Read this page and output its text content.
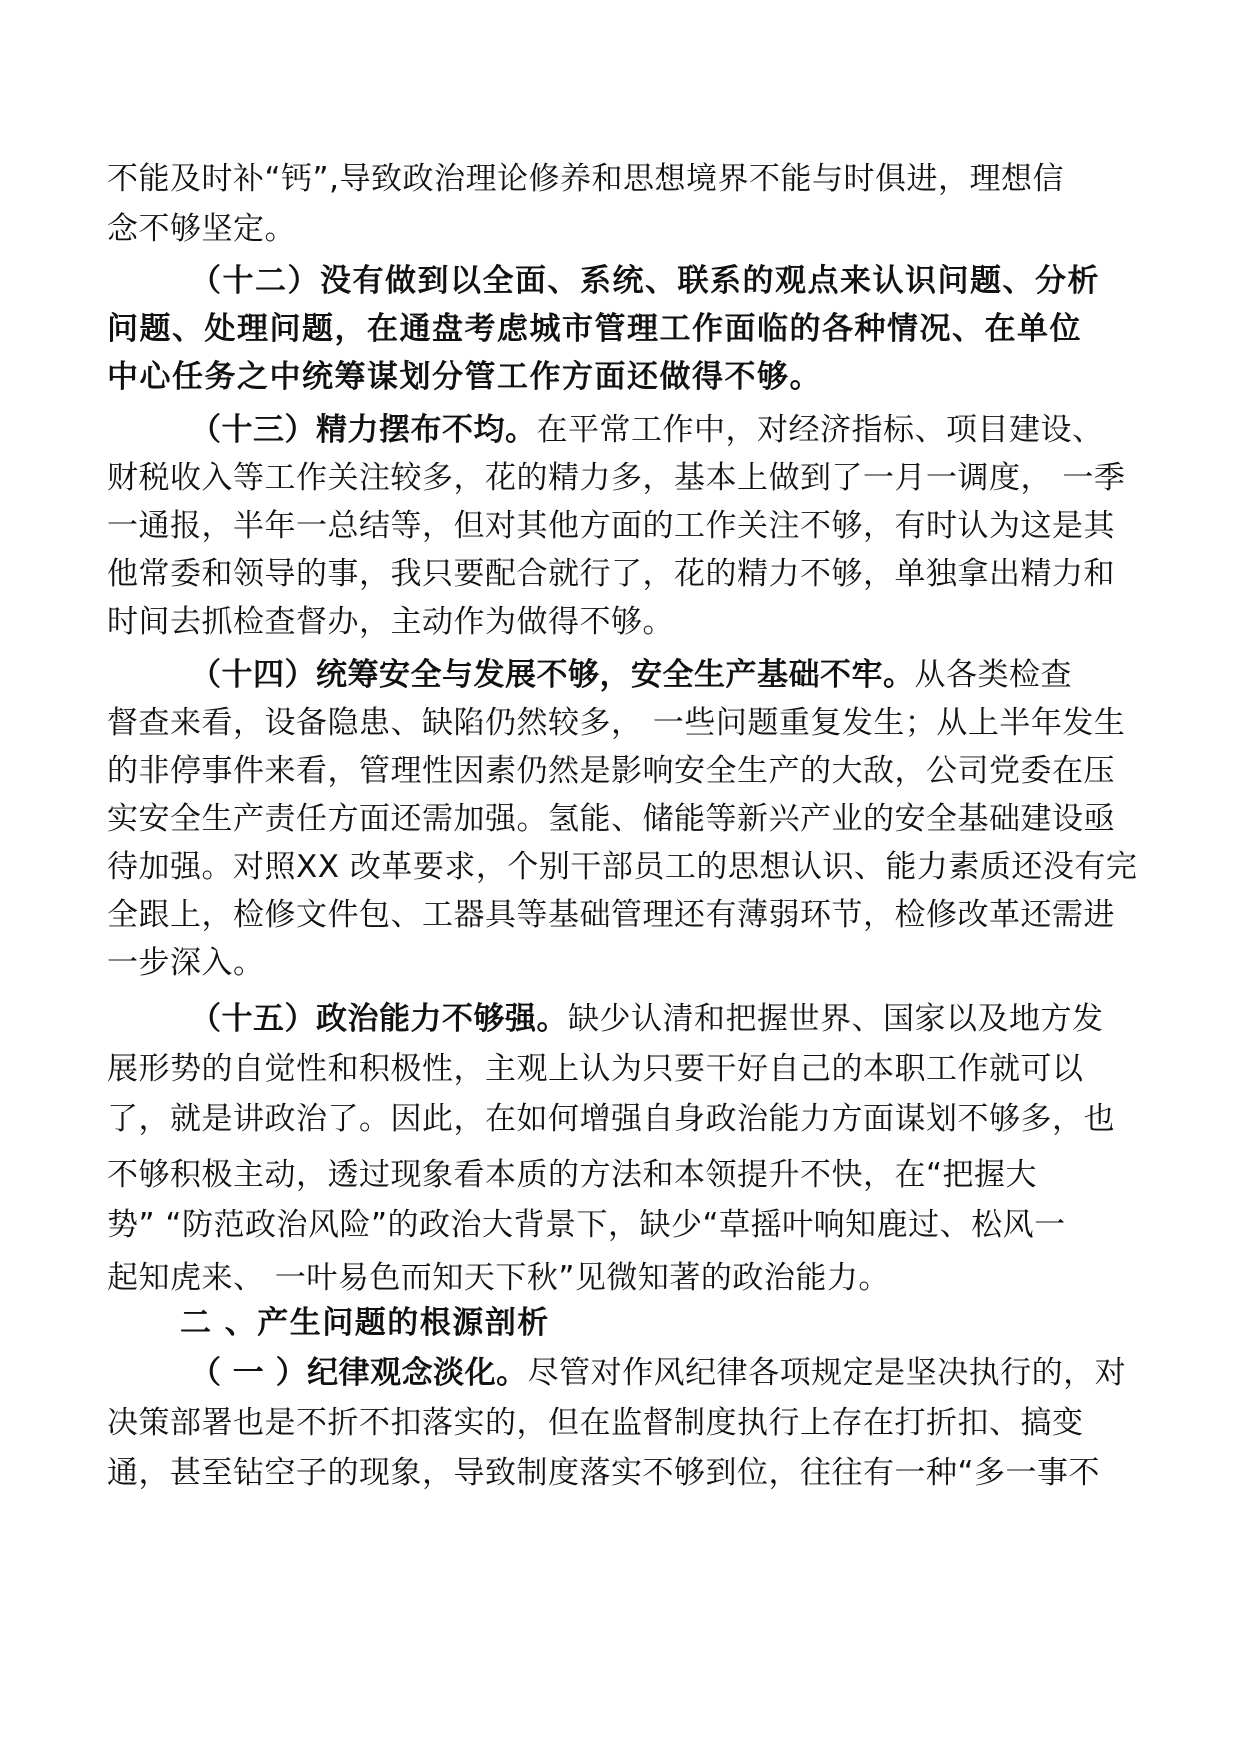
不能及时补“钙”,导致政治理论修养和思想境界不能与时俱进，理想信
念不够坚定。
（十二）没有做到以全面、系统、联系的观点来认识问题、分析
问题、处理问题，在通盘考虑城市管理工作面临的各种情况、在单位
中心任务之中统筹谋划分管工作方面还做得不够。
（十三）精力摆布不均。在平常工作中，对经济指标、项目建设、
财税收入等工作关注较多，花的精力多，基本上做到了一月一调度， 一季
一通报，半年一总结等，但对其他方面的工作关注不够，有时认为这是其
他常委和领导的事，我只要配合就行了，花的精力不够，单独拿出精力和
时间去抓检查督办，主动作为做得不够。
（十四）统筹安全与发展不够，安全生产基础不牢。从各类检查
督查来看，设备隐患、缺陷仍然较多， 一些问题重复发生；从上半年发生
的非停事件来看，管理性因素仍然是影响安全生产的大敌，公司党委在压
实安全生产责任方面还需加强。氢能、储能等新兴产业的安全基础建设亟
待加强。对照XX 改革要求，个别干部员工的思想认识、能力素质还没有完
全跟上，检修文件包、工器具等基础管理还有薄弱环节，检修改革还需进
一步深入。
（十五）政治能力不够强。缺少认清和把握世界、国家以及地方发
展形势的自觉性和积极性，主观上认为只要干好自己的本职工作就可以
了，就是讲政治了。因此，在如何增强自身政治能力方面谋划不够多，也
不够积极主动，透过现象看本质的方法和本领提升不快，在“把握大
势” “防范政治风险”的政治大背景下，缺少“草摇叶响知鹿过、松风一
起知虎来、 一叶易色而知天下秋”见微知著的政治能力。
二 、产生问题的根源剖析
（ 一 ）纪律观念淡化。尽管对作风纪律各项规定是坚决执行的，对
决策部署也是不折不扣落实的，但在监督制度执行上存在打折扣、搞变
通，甚至钻空子的现象，导致制度落实不够到位，往往有一种“多一事不
